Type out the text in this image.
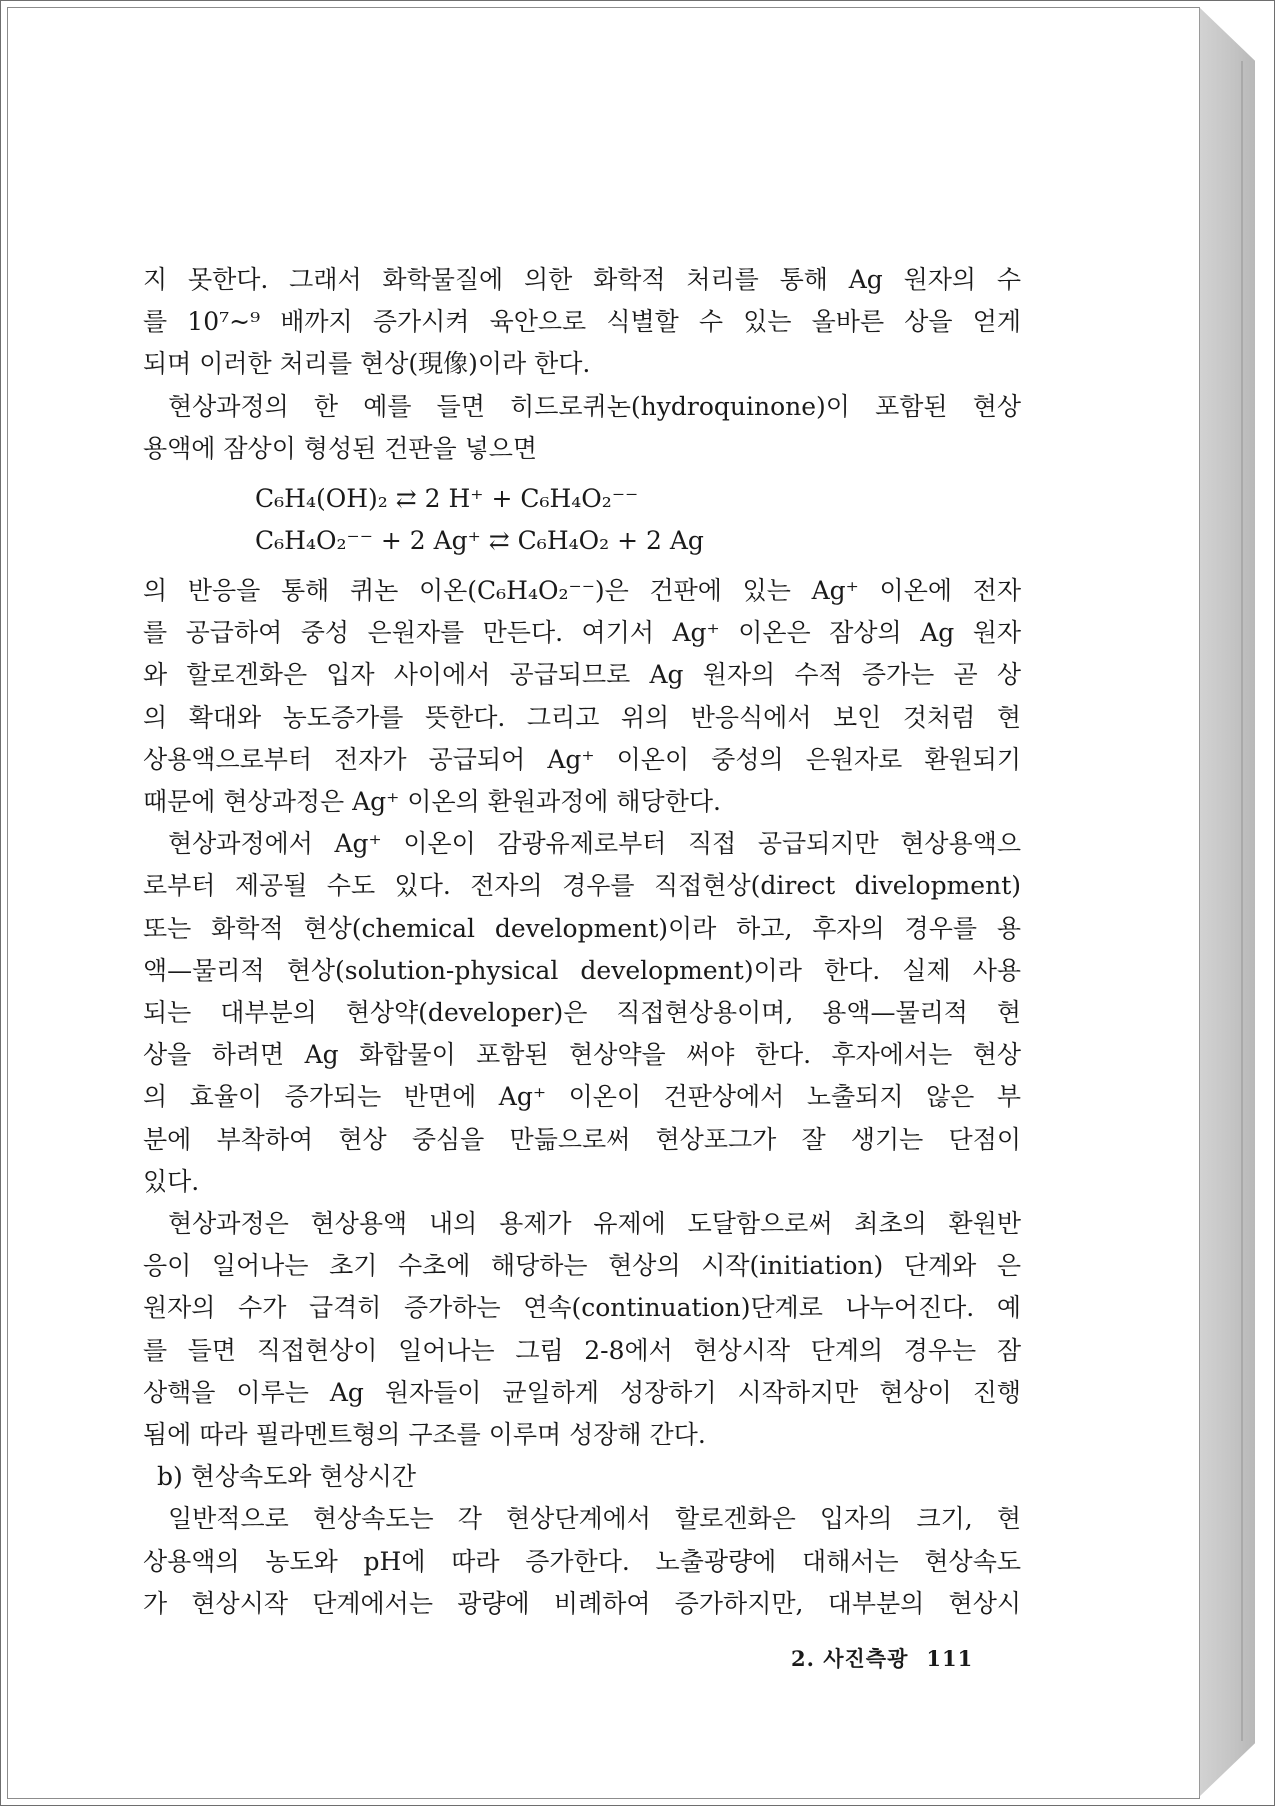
지 못한다. 그래서 화학물질에 의한 화학적 처리를 통해 Ag 원자의 수

를 10⁷~⁹ 배까지 증가시켜 육안으로 식별할 수 있는 올바른 상을 얻게

되며 이러한 처리를 현상(現像)이라 한다.

현상과정의 한 예를 들면 히드로퀴논(hydroquinone)이 포함된 현상

용액에 잠상이 형성된 건판을 넣으면

C₆H₄(OH)₂ ⇄ 2 H⁺ + C₆H₄O₂⁻⁻
C₆H₄O₂⁻⁻ + 2 Ag⁺ ⇄ C₆H₄O₂ + 2 Ag

의 반응을 통해 퀴논 이온(C₆H₄O₂⁻⁻)은 건판에 있는 Ag⁺ 이온에 전자

를 공급하여 중성 은원자를 만든다. 여기서 Ag⁺ 이온은 잠상의 Ag 원자

와 할로겐화은 입자 사이에서 공급되므로 Ag 원자의 수적 증가는 곧 상

의 확대와 농도증가를 뜻한다. 그리고 위의 반응식에서 보인 것처럼 현

상용액으로부터 전자가 공급되어 Ag⁺ 이온이 중성의 은원자로 환원되기

때문에 현상과정은 Ag⁺ 이온의 환원과정에 해당한다.

현상과정에서 Ag⁺ 이온이 감광유제로부터 직접 공급되지만 현상용액으

로부터 제공될 수도 있다. 전자의 경우를 직접현상(direct divelopment)

또는 화학적 현상(chemical development)이라 하고, 후자의 경우를 용

액—물리적 현상(solution-physical development)이라 한다. 실제 사용

되는 대부분의 현상약(developer)은 직접현상용이며, 용액—물리적 현

상을 하려면 Ag 화합물이 포함된 현상약을 써야 한다. 후자에서는 현상

의 효율이 증가되는 반면에 Ag⁺ 이온이 건판상에서 노출되지 않은 부

분에 부착하여 현상 중심을 만듦으로써 현상포그가 잘 생기는 단점이

있다.

현상과정은 현상용액 내의 용제가 유제에 도달함으로써 최초의 환원반

응이 일어나는 초기 수초에 해당하는 현상의 시작(initiation) 단계와 은

원자의 수가 급격히 증가하는 연속(continuation)단계로 나누어진다. 예

를 들면 직접현상이 일어나는 그림 2-8에서 현상시작 단계의 경우는 잠

상핵을 이루는 Ag 원자들이 균일하게 성장하기 시작하지만 현상이 진행

됨에 따라 필라멘트형의 구조를 이루며 성장해 간다.

b) 현상속도와 현상시간

일반적으로 현상속도는 각 현상단계에서 할로겐화은 입자의 크기, 현

상용액의 농도와 pH에 따라 증가한다. 노출광량에 대해서는 현상속도

가 현상시작 단계에서는 광량에 비례하여 증가하지만, 대부분의 현상시

2. 사진측광 111
